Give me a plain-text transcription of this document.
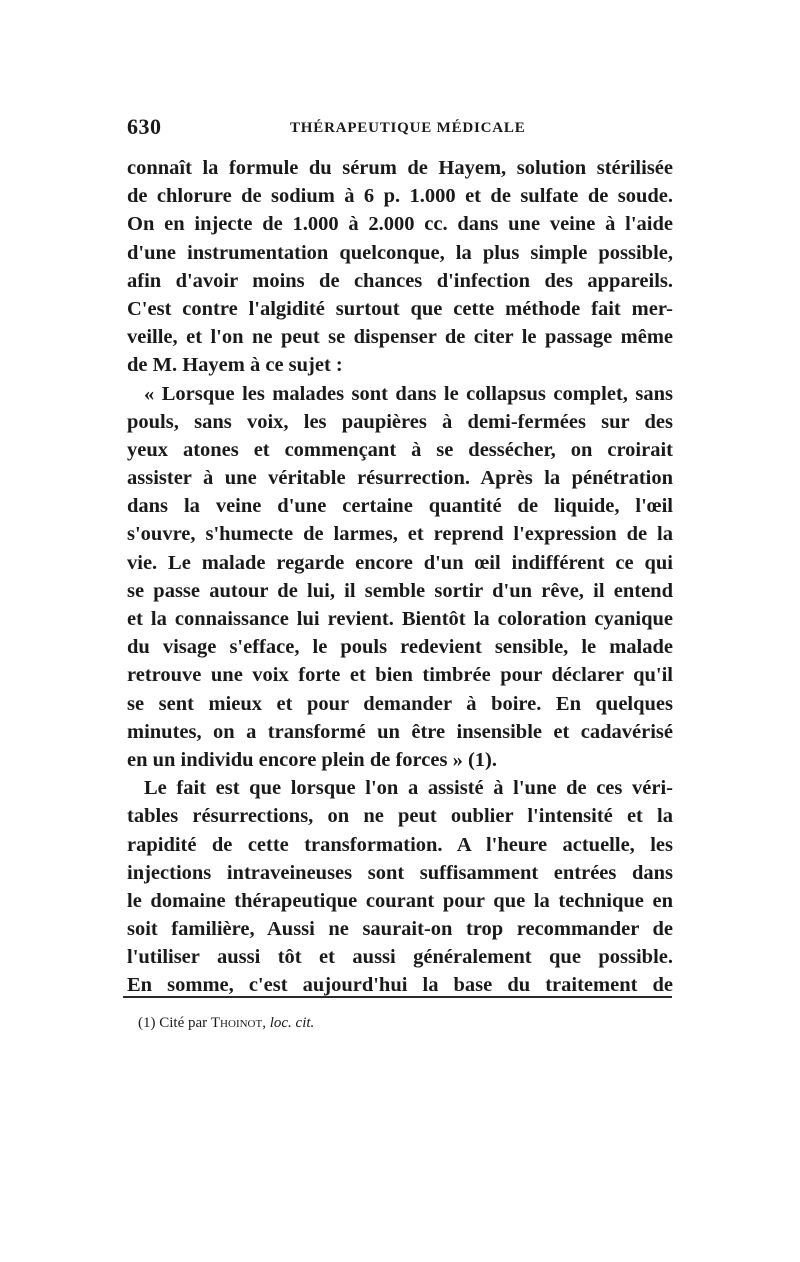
630	THÉRAPEUTIQUE MÉDICALE
connaît la formule du sérum de Hayem, solution stérilisée
de chlorure de sodium à 6 p. 1.000 et de sulfate de soude.
On en injecte de 1.000 à 2.000 cc. dans une veine à l'aide
d'une instrumentation quelconque, la plus simple possible,
afin d'avoir moins de chances d'infection des appareils.
C'est contre l'algidité surtout que cette méthode fait mer-
veille, et l'on ne peut se dispenser de citer le passage même
de M. Hayem à ce sujet :
« Lorsque les malades sont dans le collapsus complet, sans
pouls, sans voix, les paupières à demi-fermées sur des
yeux atones et commençant à se dessécher, on croirait
assister à une véritable résurrection. Après la pénétration
dans la veine d'une certaine quantité de liquide, l'œil
s'ouvre, s'humecte de larmes, et reprend l'expression de la
vie. Le malade regarde encore d'un œil indifférent ce qui
se passe autour de lui, il semble sortir d'un rêve, il entend
et la connaissance lui revient. Bientôt la coloration cyanique
du visage s'efface, le pouls redevient sensible, le malade
retrouve une voix forte et bien timbrée pour déclarer qu'il
se sent mieux et pour demander à boire. En quelques
minutes, on a transformé un être insensible et cadavérisé
en un individu encore plein de forces » (1).
Le fait est que lorsque l'on a assisté à l'une de ces véri-
tables résurrections, on ne peut oublier l'intensité et la
rapidité de cette transformation. A l'heure actuelle, les
injections intraveineuses sont suffisamment entrées dans
le domaine thérapeutique courant pour que la technique en
soit familière, Aussi ne saurait-on trop recommander de
l'utiliser aussi tôt et aussi généralement que possible.
En somme, c'est aujourd'hui la base du traitement de
(1) Cité par Thoinot, loc. cit.
